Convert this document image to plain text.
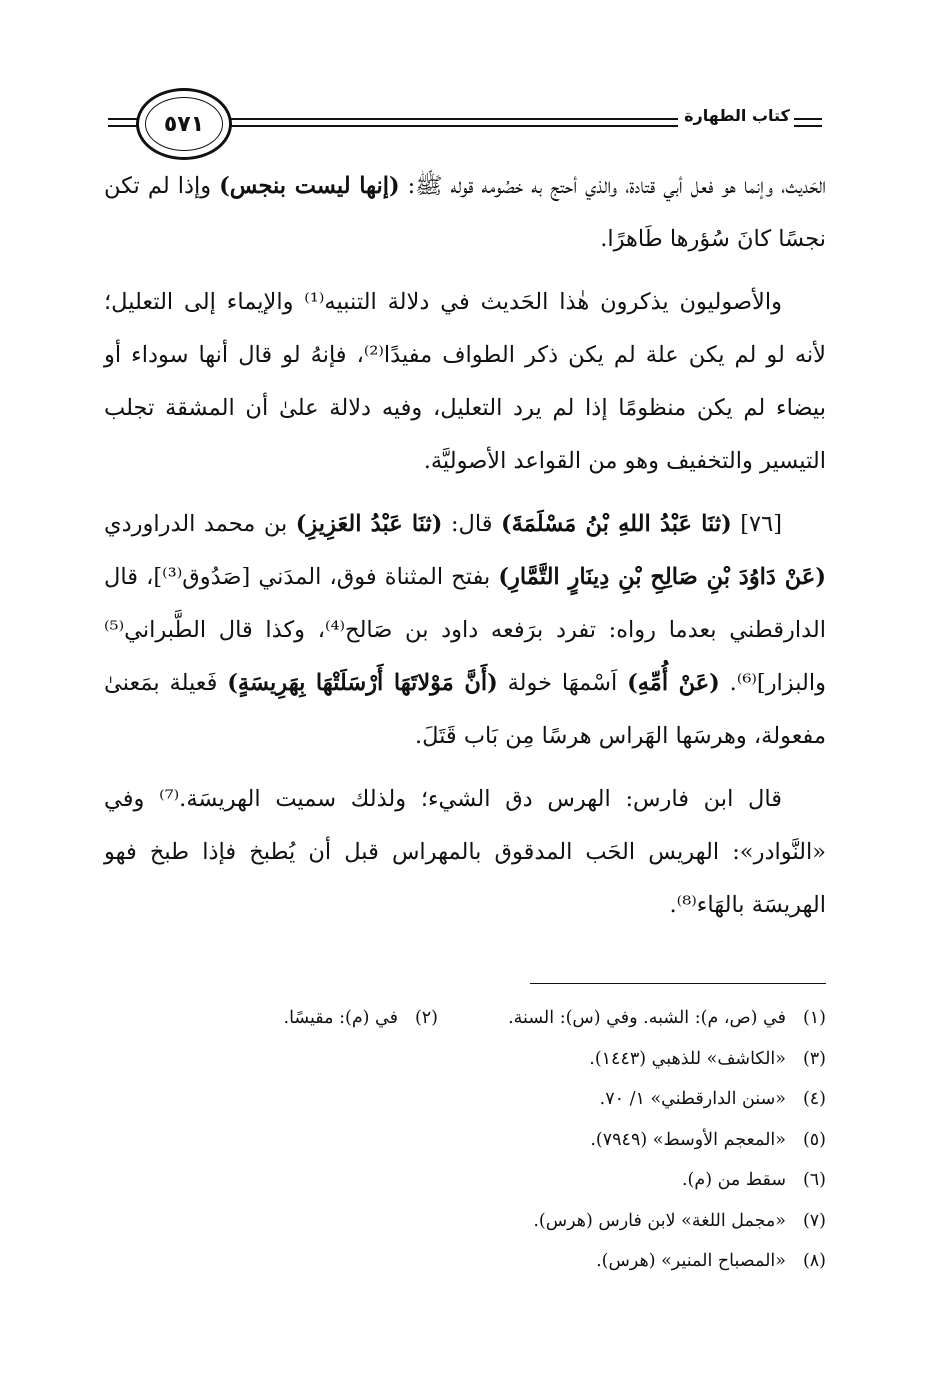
٥٧١	كتاب الطهارة

الحَديث، وإنما هو فعل أبي قتادة، والذي أحتج به خصُومه قوله ﷺ: (إنها ليست بنجس) وإذا لم تكن نجسًا كانَ سُؤرها طَاهرًا.

والأصوليون يذكرون هٰذا الحَديث في دلالة التنبيه⁽¹⁾ والإيماء إلى التعليل؛ لأنه لو لم يكن علة لم يكن ذكر الطواف مفيدًا⁽²⁾، فإنهُ لو قال أنها سوداء أو بيضاء لم يكن منظومًا إذا لم يرد التعليل، وفيه دلالة علىٰ أن المشقة تجلب التيسير والتخفيف وهو من القواعد الأصوليَّة.

[٧٦] (ثنَا عَبْدُ اللهِ بْنُ مَسْلَمَةَ) قال: (ثنَا عَبْدُ العَزِيزِ) بن محمد الدراوردي (عَنْ دَاوُدَ بْنِ صَالِحِ بْنِ دِينَارٍ التَّمَّارِ) بفتح المثناة فوق، المدَني [صَدُوق⁽³⁾]، قال الدارقطني بعدما رواه: تفرد برَفعه داود بن صَالح⁽⁴⁾، وكذا قال الطَّبراني⁽⁵⁾ والبزار]⁽⁶⁾. (عَنْ أُمِّهِ) اَسْمهَا خولة (أَنَّ مَوْلاتَهَا أَرْسَلَتْهَا بِهَرِيسَةٍ) فَعيلة بمَعنىٰ مفعولة، وهرسَها الهَراس هرسًا مِن بَاب قَتَلَ.

قال ابن فارس: الهرس دق الشيء؛ ولذلك سميت الهريسَة.⁽⁷⁾ وفي «النَّوادر»: الهريس الحَب المدقوق بالمهراس قبل أن يُطبخ فإذا طبخ فهو الهريسَة بالهَاء⁽⁸⁾.

(١)في (ص، م): الشبه. وفي (س): السنة.
(٢)في (م): مقيسًا.
(٣)«الكاشف» للذهبي (١٤٤٣).
(٤)«سنن الدارقطني» ١/ ٧٠.
(٥)«المعجم الأوسط» (٧٩٤٩).
(٦)سقط من (م).
(٧)«مجمل اللغة» لابن فارس (هرس).
(٨)«المصباح المنير» (هرس).
